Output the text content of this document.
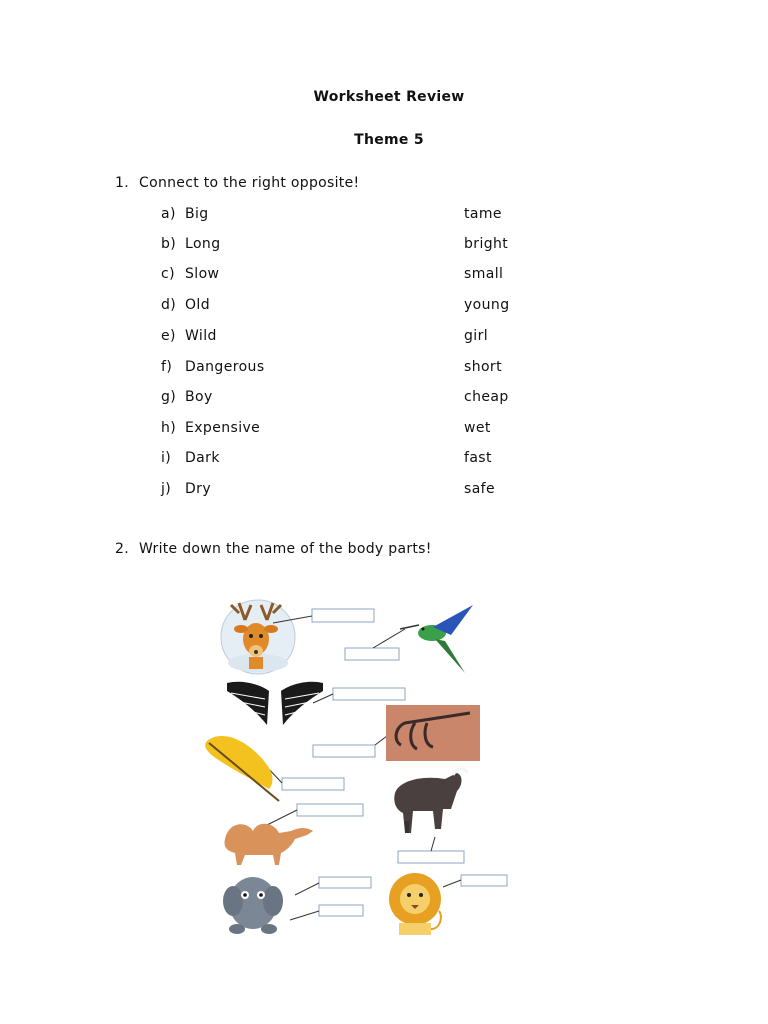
Worksheet Review
Theme 5
1. Connect to the right opposite!
a) Big
b) Long
c) Slow
d) Old
e) Wild
f) Dangerous
g) Boy
h) Expensive
i) Dark
j) Dry
tame
bright
small
young
girl
short
cheap
wet
fast
safe
2. Write down the name of the body parts!
